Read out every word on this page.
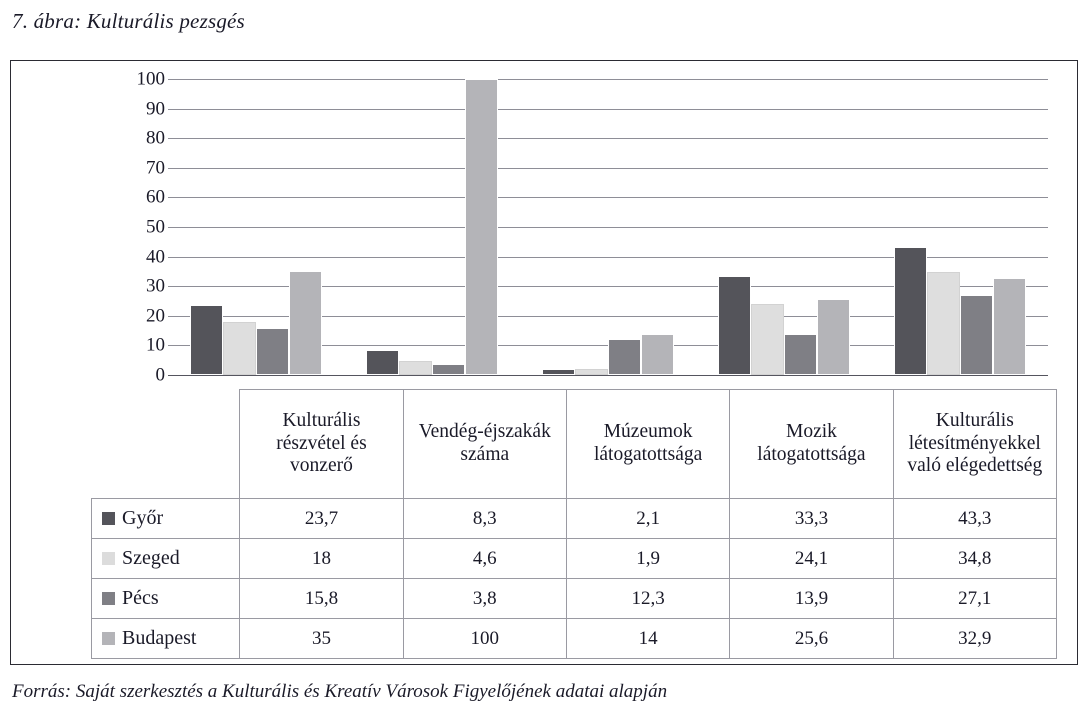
7. ábra: Kulturális pezsgés
100
90
80
70
60
50
40
30
20
10
0
	Kulturális részvétel és vonzerő	Vendég-éjszakák száma	Múzeumok látogatottsága	Mozik látogatottsága	Kulturális létesítményekkel való elégedettség
Győr	23,7	8,3	2,1	33,3	43,3
Szeged	18	4,6	1,9	24,1	34,8
Pécs	15,8	3,8	12,3	13,9	27,1
Budapest	35	100	14	25,6	32,9
Forrás: Saját szerkesztés a Kulturális és Kreatív Városok Figyelőjének adatai alapján
